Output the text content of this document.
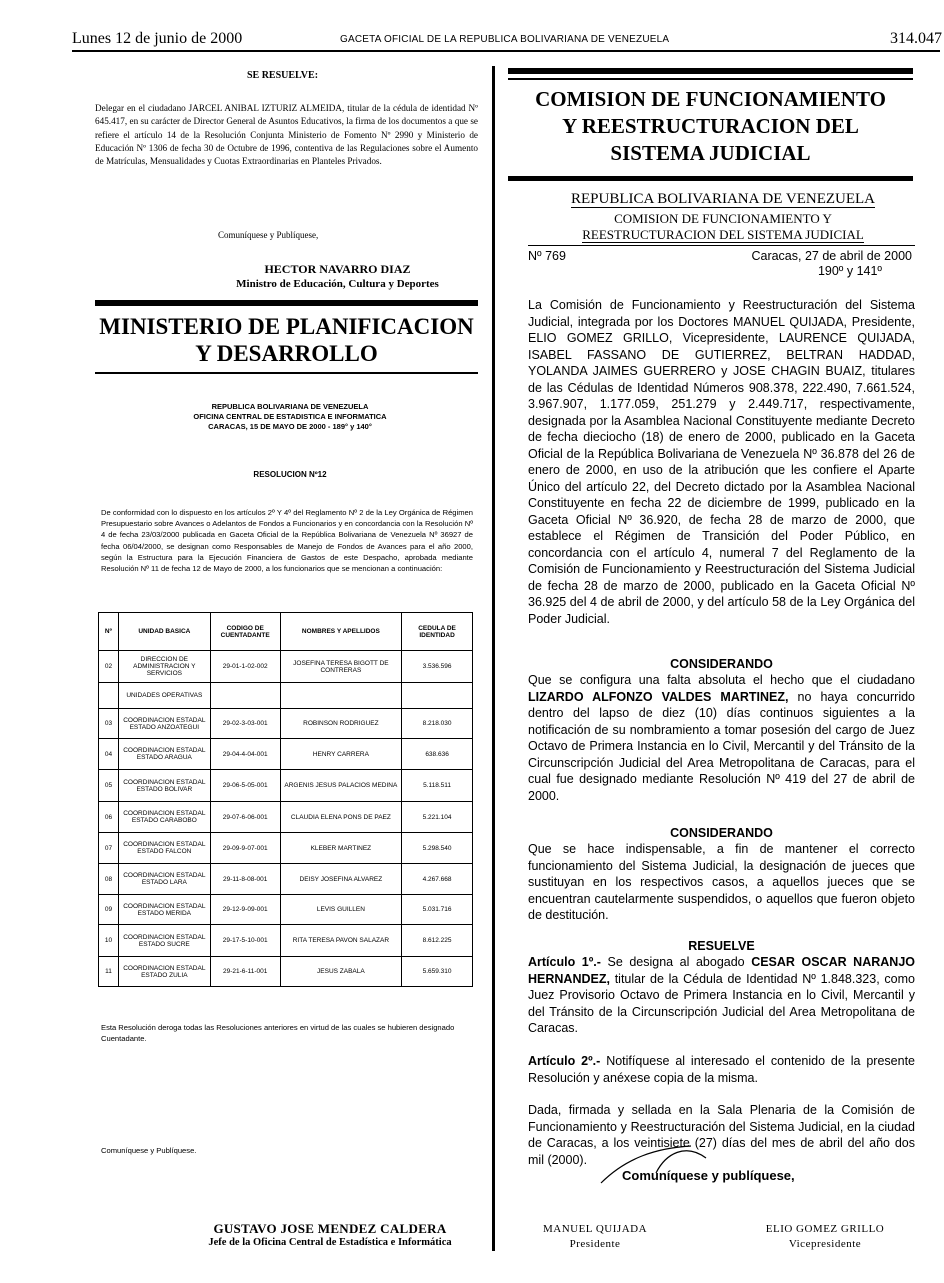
Lunes 12 de junio de 2000	GACETA OFICIAL DE LA REPUBLICA BOLIVARIANA DE VENEZUELA	314.047
SE RESUELVE:
Delegar en el ciudadano JARCEL ANIBAL IZTURIZ ALMEIDA, titular de la cédula de identidad Nº 645.417, en su carácter de Director General de Asuntos Educativos, la firma de los documentos a que se refiere el artículo 14 de la Resolución Conjunta Ministerio de Fomento Nº 2990 y Ministerio de Educación Nº 1306 de fecha 30 de Octubre de 1996, contentiva de las Regulaciones sobre el Aumento de Matrículas, Mensualidades y Cuotas Extraordinarias en Planteles Privados.
Comuníquese y Publíquese,
HECTOR NAVARRO DIAZ
Ministro de Educación, Cultura y Deportes
MINISTERIO DE PLANIFICACION
Y DESARROLLO
REPUBLICA BOLIVARIANA DE VENEZUELA
OFICINA CENTRAL DE ESTADISTICA E INFORMATICA
CARACAS, 15 DE MAYO DE 2000 - 189° y 140°
RESOLUCION Nº12
De conformidad con lo dispuesto en los artículos 2º Y 4º del Reglamento Nº 2 de la Ley Orgánica de Régimen Presupuestario sobre Avances o Adelantos de Fondos a Funcionarios y en concordancia con la Resolución Nº 4 de fecha 23/03/2000 publicada en Gaceta Oficial de la República Bolivariana de Venezuela Nº 36927 de fecha 06/04/2000, se designan como Responsables de Manejo de Fondos de Avances para el año 2000, según la Estructura para la Ejecución Financiera de Gastos de este Despacho, aprobada mediante Resolución Nº 11 de fecha 12 de Mayo de 2000, a los funcionarios que se mencionan a continuación:
Nº	UNIDAD BASICA	CODIGO DE CUENTADANTE	NOMBRES Y APELLIDOS	CEDULA DE IDENTIDAD
02	DIRECCION DE ADMINISTRACION Y SERVICIOS	29-01-1-02-002	JOSEFINA TERESA BIGOTT DE CONTRERAS	3.536.596
	UNIDADES OPERATIVAS			
03	COORDINACION ESTADAL ESTADO ANZOATEGUI	29-02-3-03-001	ROBINSON RODRIGUEZ	8.218.030
04	COORDINACION ESTADAL ESTADO ARAGUA	29-04-4-04-001	HENRY CARRERA	638.636
05	COORDINACION ESTADAL ESTADO BOLIVAR	29-06-5-05-001	ARGENIS JESUS PALACIOS MEDINA	5.118.511
06	COORDINACION ESTADAL ESTADO CARABOBO	29-07-6-06-001	CLAUDIA ELENA PONS DE PAEZ	5.221.104
07	COORDINACION ESTADAL ESTADO FALCON	29-09-9-07-001	KLEBER MARTINEZ	5.298.540
08	COORDINACION ESTADAL ESTADO LARA	29-11-8-08-001	DEISY JOSEFINA ALVAREZ	4.267.668
09	COORDINACION ESTADAL ESTADO MERIDA	29-12-9-09-001	LEVIS GUILLEN	5.031.716
10	COORDINACION ESTADAL ESTADO SUCRE	29-17-5-10-001	RITA TERESA PAVON SALAZAR	8.612.225
11	COORDINACION ESTADAL ESTADO ZULIA	29-21-6-11-001	JESUS ZABALA	5.659.310
Esta Resolución deroga todas las Resoluciones anteriores en virtud de las cuales se hubieren designado Cuentadante.
Comuníquese y Publíquese.
GUSTAVO JOSE MENDEZ CALDERA
Jefe de la Oficina Central de Estadística e Informática
COMISION DE FUNCIONAMIENTO
Y REESTRUCTURACION DEL
SISTEMA JUDICIAL
REPUBLICA BOLIVARIANA DE VENEZUELA
COMISION DE FUNCIONAMIENTO Y
REESTRUCTURACION DEL SISTEMA JUDICIAL
Nº 769	Caracas, 27 de abril de 2000
190º y 141º
La Comisión de Funcionamiento y Reestructuración del Sistema Judicial, integrada por los Doctores MANUEL QUIJADA, Presidente, ELIO GOMEZ GRILLO, Vicepresidente, LAURENCE QUIJADA, ISABEL FASSANO DE GUTIERREZ, BELTRAN HADDAD, YOLANDA JAIMES GUERRERO y JOSE CHAGIN BUAIZ, titulares de las Cédulas de Identidad Números 908.378, 222.490, 7.661.524, 3.967.907, 1.177.059, 251.279 y 2.449.717, respectivamente, designada por la Asamblea Nacional Constituyente mediante Decreto de fecha dieciocho (18) de enero de 2000, publicado en la Gaceta Oficial de la República Bolivariana de Venezuela Nº 36.878 del 26 de enero de 2000, en uso de la atribución que les confiere el Aparte Único del artículo 22, del Decreto dictado por la Asamblea Nacional Constituyente en fecha 22 de diciembre de 1999, publicado en la Gaceta Oficial Nº 36.920, de fecha 28 de marzo de 2000, que establece el Régimen de Transición del Poder Público, en concordancia con el artículo 4, numeral 7 del Reglamento de la Comisión de Funcionamiento y Reestructuración del Sistema Judicial de fecha 28 de marzo de 2000, publicado en la Gaceta Oficial Nº 36.925 del 4 de abril de 2000, y del artículo 58 de la Ley Orgánica del Poder Judicial.
CONSIDERANDO
Que se configura una falta absoluta el hecho que el ciudadano LIZARDO ALFONZO VALDES MARTINEZ, no haya concurrido dentro del lapso de diez (10) días continuos siguientes a la notificación de su nombramiento a tomar posesión del cargo de Juez Octavo de Primera Instancia en lo Civil, Mercantil y del Tránsito de la Circunscripción Judicial del Area Metropolitana de Caracas, para el cual fue designado mediante Resolución Nº 419 del 27 de abril de 2000.
CONSIDERANDO
Que se hace indispensable, a fin de mantener el correcto funcionamiento del Sistema Judicial, la designación de jueces que sustituyan en los respectivos casos, a aquellos jueces que se encuentran cautelarmente suspendidos, o aquellos que fueron objeto de destitución.
RESUELVE
Artículo 1º.- Se designa al abogado CESAR OSCAR NARANJO HERNANDEZ, titular de la Cédula de Identidad Nº 1.848.323, como Juez Provisorio Octavo de Primera Instancia en lo Civil, Mercantil y del Tránsito de la Circunscripción Judicial del Area Metropolitana de Caracas.
Artículo 2º.- Notifíquese al interesado el contenido de la presente Resolución y anéxese copia de la misma.
Dada, firmada y sellada en la Sala Plenaria de la Comisión de Funcionamiento y Reestructuración del Sistema Judicial, en la ciudad de Caracas, a los veintisiete (27) días del mes de abril del año dos mil (2000).
Comuníquese y publíquese,
MANUEL QUIJADA
Presidente
ELIO GOMEZ GRILLO
Vicepresidente
